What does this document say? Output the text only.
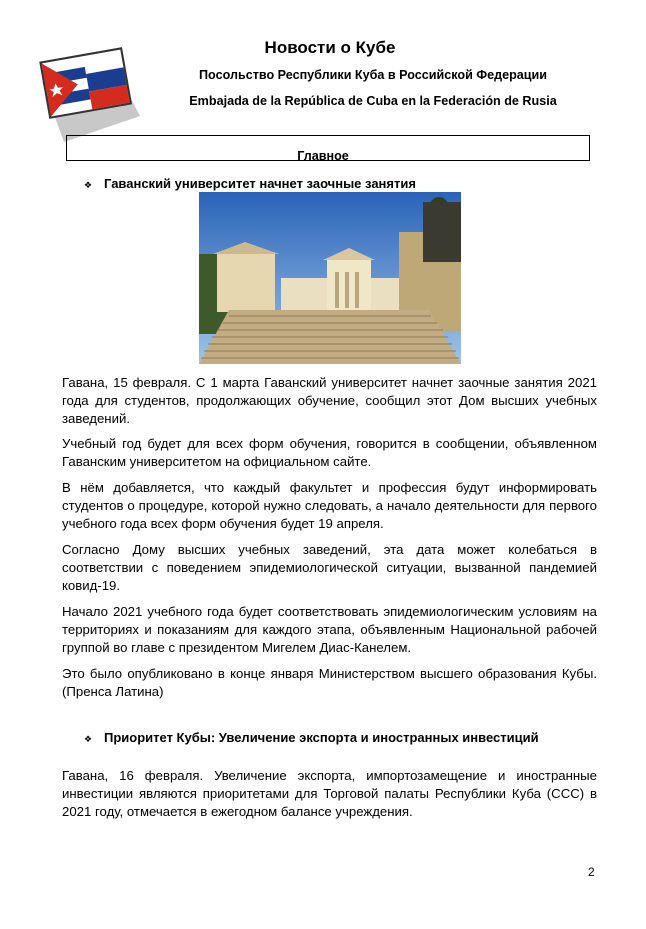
Новости о Кубе
Посольство Республики Куба в Российской Федерации
Embajada de la República de Cuba en la Federación de Rusia
Главное
❖ Гаванский университет начнет заочные занятия
Гавана, 15 февраля. С 1 марта Гаванский университет начнет заочные занятия 2021 года для студентов, продолжающих обучение, сообщил этот Дом высших учебных заведений.
Учебный год будет для всех форм обучения, говорится в сообщении, объявленном Гаванским университетом на официальном сайте.
В нём добавляется, что каждый факультет и профессия будут информировать студентов о процедуре, которой нужно следовать, а начало деятельности для первого учебного года всех форм обучения будет 19 апреля.
Согласно Дому высших учебных заведений, эта дата может колебаться в соответствии с поведением эпидемиологической ситуации, вызванной пандемией ковид-19.
Начало 2021 учебного года будет соответствовать эпидемиологическим условиям на территориях и показаниям для каждого этапа, объявленным Национальной рабочей группой во главе с президентом Мигелем Диас-Канелем.
Это было опубликовано в конце января Министерством высшего образования Кубы. (Пренса Латина)
❖ Приоритет Кубы: Увеличение экспорта и иностранных инвестиций
Гавана, 16 февраля. Увеличение экспорта, импортозамещение и иностранные инвестиции являются приоритетами для Торговой палаты Республики Куба (ССС) в 2021 году, отмечается в ежегодном балансе учреждения.
2
